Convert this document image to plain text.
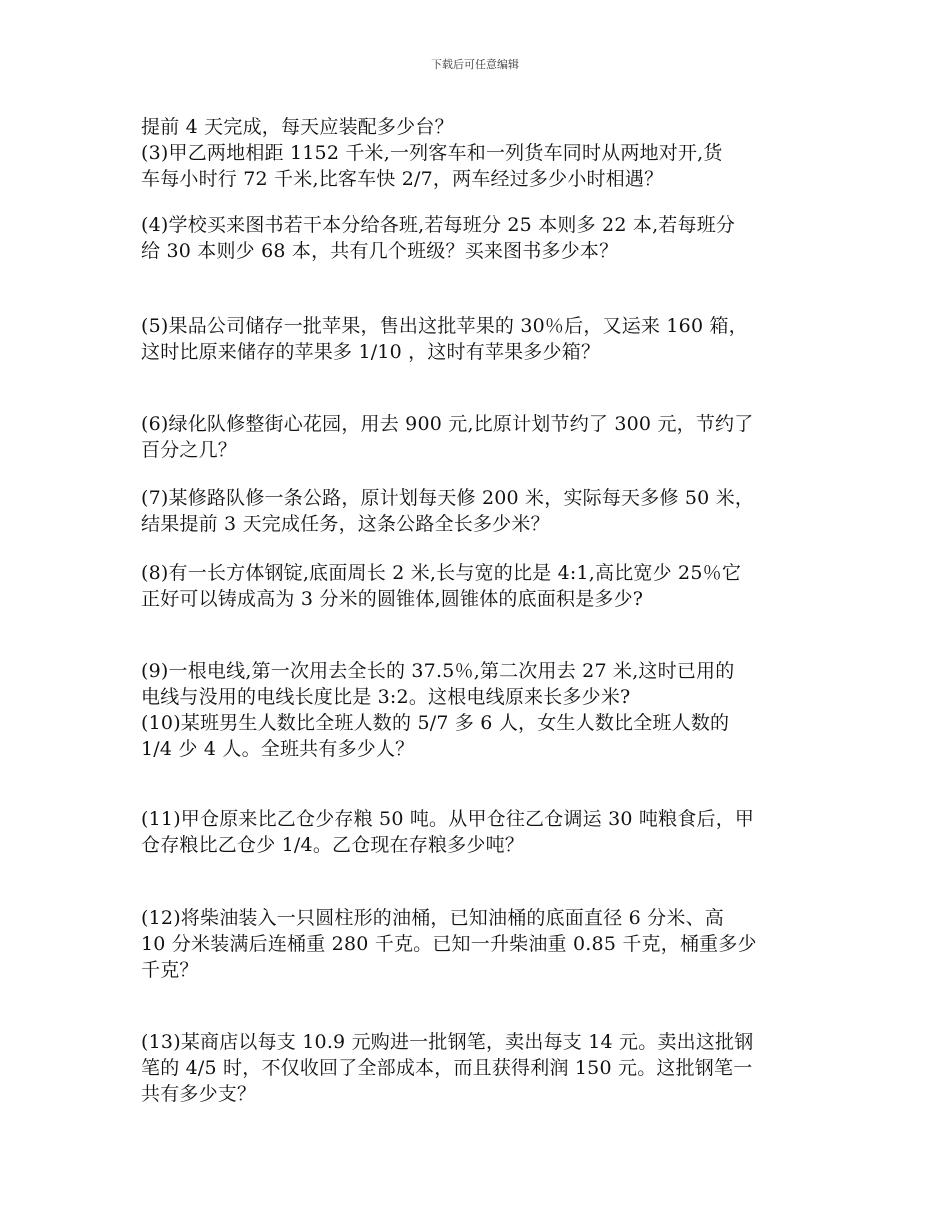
下载后可任意编辑
提前 4 天完成，每天应装配多少台？
(3)甲乙两地相距 1152 千米,一列客车和一列货车同时从两地对开,货
车每小时行 72 千米,比客车快 2/7，两车经过多少小时相遇？
(4)学校买来图书若干本分给各班,若每班分 25 本则多 22 本,若每班分
给 30 本则少 68 本，共有几个班级？买来图书多少本？
(5)果品公司储存一批苹果，售出这批苹果的 30％后，又运来 160 箱，
这时比原来储存的苹果多 1/10 ，这时有苹果多少箱？
(6)绿化队修整街心花园，用去 900 元,比原计划节约了 300 元，节约了
百分之几？
(7)某修路队修一条公路，原计划每天修 200 米，实际每天多修 50 米，
结果提前 3 天完成任务，这条公路全长多少米？
(8)有一长方体钢锭,底面周长 2 米,长与宽的比是 4:1,高比宽少 25％它
正好可以铸成高为 3 分米的圆锥体,圆锥体的底面积是多少?
(9)一根电线,第一次用去全长的 37.5％,第二次用去 27 米,这时已用的
电线与没用的电线长度比是 3:2。这根电线原来长多少米?
(10)某班男生人数比全班人数的 5/7 多 6 人，女生人数比全班人数的
1/4 少 4 人。全班共有多少人？
(11)甲仓原来比乙仓少存粮 50 吨。从甲仓往乙仓调运 30 吨粮食后，甲
仓存粮比乙仓少 1/4。乙仓现在存粮多少吨？
(12)将柴油装入一只圆柱形的油桶，已知油桶的底面直径 6 分米、高
10 分米装满后连桶重 280 千克。已知一升柴油重 0.85 千克，桶重多少
千克？
(13)某商店以每支 10.9 元购进一批钢笔，卖出每支 14 元。卖出这批钢
笔的 4/5 时，不仅收回了全部成本，而且获得利润 150 元。这批钢笔一
共有多少支？
